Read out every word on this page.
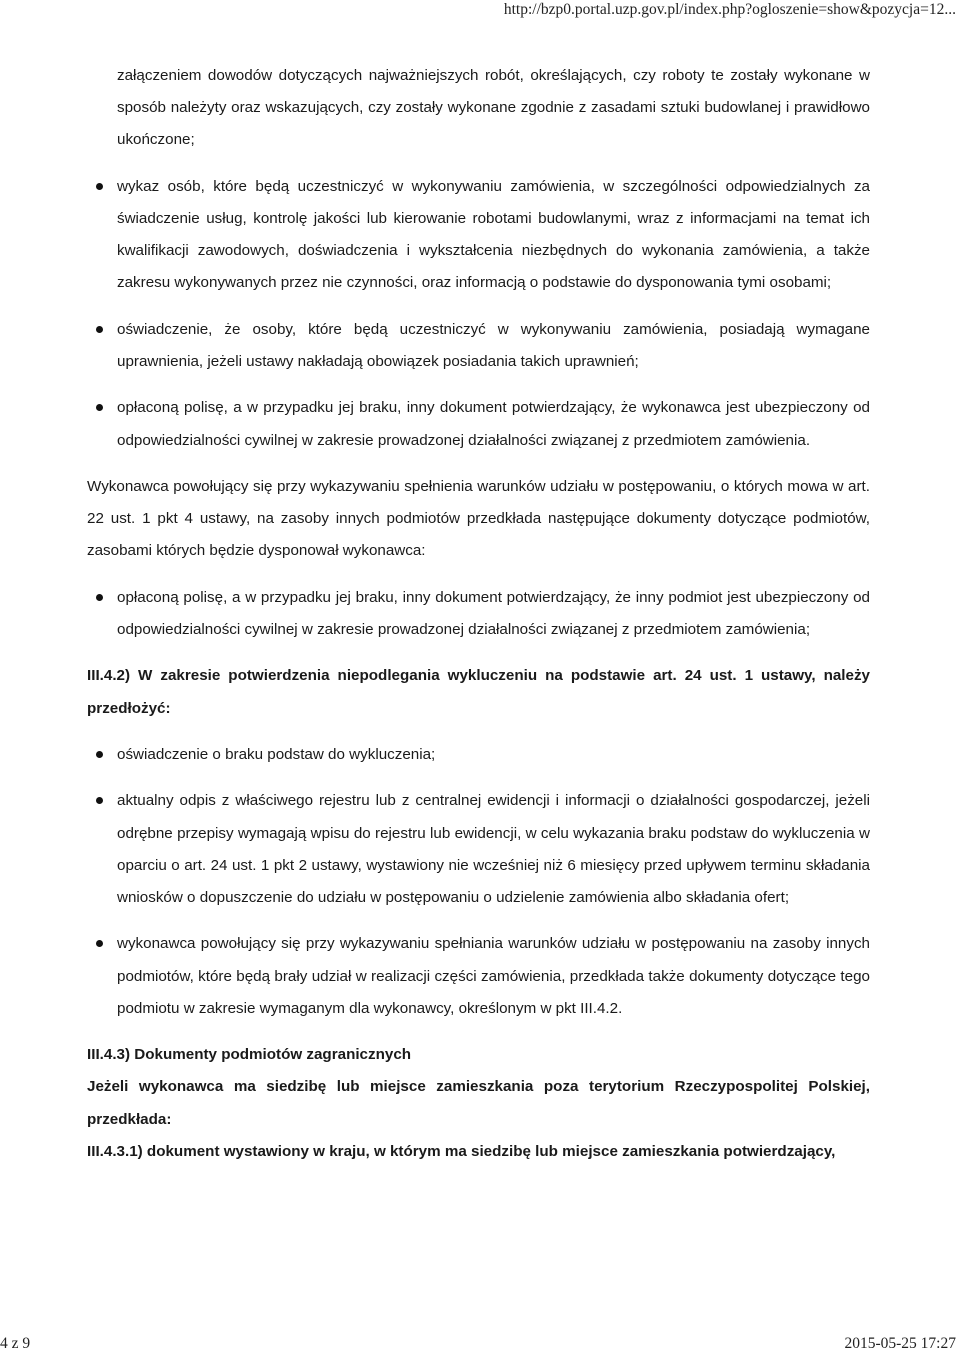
http://bzp0.portal.uzp.gov.pl/index.php?ogloszenie=show&pozycja=12...

załączeniem dowodów dotyczących najważniejszych robót, określających, czy roboty te zostały wykonane w sposób należyty oraz wskazujących, czy zostały wykonane zgodnie z zasadami sztuki budowlanej i prawidłowo ukończone;

wykaz osób, które będą uczestniczyć w wykonywaniu zamówienia, w szczególności odpowiedzialnych za świadczenie usług, kontrolę jakości lub kierowanie robotami budowlanymi, wraz z informacjami na temat ich kwalifikacji zawodowych, doświadczenia i wykształcenia niezbędnych do wykonania zamówienia, a także zakresu wykonywanych przez nie czynności, oraz informacją o podstawie do dysponowania tymi osobami;
oświadczenie, że osoby, które będą uczestniczyć w wykonywaniu zamówienia, posiadają wymagane uprawnienia, jeżeli ustawy nakładają obowiązek posiadania takich uprawnień;
opłaconą polisę, a w przypadku jej braku, inny dokument potwierdzający, że wykonawca jest ubezpieczony od odpowiedzialności cywilnej w zakresie prowadzonej działalności związanej z przedmiotem zamówienia.

Wykonawca powołujący się przy wykazywaniu spełnienia warunków udziału w postępowaniu, o których mowa w art. 22 ust. 1 pkt 4 ustawy, na zasoby innych podmiotów przedkłada następujące dokumenty dotyczące podmiotów, zasobami których będzie dysponował wykonawca:

opłaconą polisę, a w przypadku jej braku, inny dokument potwierdzający, że inny podmiot jest ubezpieczony od odpowiedzialności cywilnej w zakresie prowadzonej działalności związanej z przedmiotem zamówienia;

III.4.2) W zakresie potwierdzenia niepodlegania wykluczeniu na podstawie art. 24 ust. 1 ustawy, należy przedłożyć:

oświadczenie o braku podstaw do wykluczenia;
aktualny odpis z właściwego rejestru lub z centralnej ewidencji i informacji o działalności gospodarczej, jeżeli odrębne przepisy wymagają wpisu do rejestru lub ewidencji, w celu wykazania braku podstaw do wykluczenia w oparciu o art. 24 ust. 1 pkt 2 ustawy, wystawiony nie wcześniej niż 6 miesięcy przed upływem terminu składania wniosków o dopuszczenie do udziału w postępowaniu o udzielenie zamówienia albo składania ofert;
wykonawca powołujący się przy wykazywaniu spełniania warunków udziału w postępowaniu na zasoby innych podmiotów, które będą brały udział w realizacji części zamówienia, przedkłada także dokumenty dotyczące tego podmiotu w zakresie wymaganym dla wykonawcy, określonym w pkt III.4.2.

III.4.3) Dokumenty podmiotów zagranicznych

Jeżeli wykonawca ma siedzibę lub miejsce zamieszkania poza terytorium Rzeczypospolitej Polskiej, przedkłada:

III.4.3.1) dokument wystawiony w kraju, w którym ma siedzibę lub miejsce zamieszkania potwierdzający,

4 z 9	2015-05-25 17:27
